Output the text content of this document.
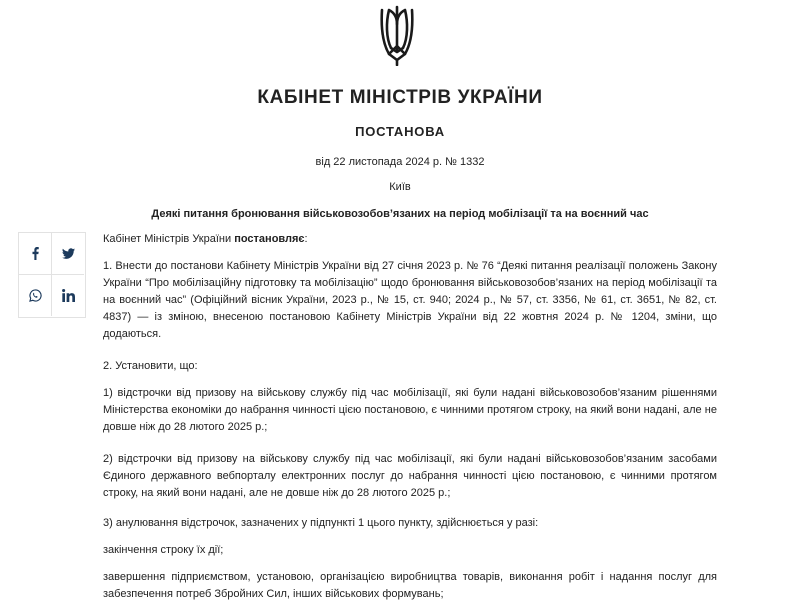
КАБІНЕТ МІНІСТРІВ УКРАЇНИ
ПОСТАНОВА
від 22 листопада 2024 р. № 1332
Київ
Деякі питання бронювання військовозобов’язаних на період мобілізації та на воєнний час
Кабінет Міністрів України постановляє:
1. Внести до постанови Кабінету Міністрів України від 27 січня 2023 р. № 76 “Деякі питання реалізації положень Закону України “Про мобілізаційну підготовку та мобілізацію” щодо бронювання військовозобов’язаних на період мобілізації та на воєнний час” (Офіційний вісник України, 2023 р., № 15, ст. 940; 2024 р., № 57, ст. 3356, № 61, ст. 3651, № 82, ст. 4837) — із зміною, внесеною постановою Кабінету Міністрів України від 22 жовтня 2024 р. № 1204, зміни, що додаються.
2. Установити, що:
1) відстрочки від призову на військову службу під час мобілізації, які були надані військовозобов’язаним рішеннями Міністерства економіки до набрання чинності цією постановою, є чинними протягом строку, на який вони надані, але не довше ніж до 28 лютого 2025 р.;
2) відстрочки від призову на військову службу під час мобілізації, які були надані військовозобов’язаним засобами Єдиного державного вебпорталу електронних послуг до набрання чинності цією постановою, є чинними протягом строку, на який вони надані, але не довше ніж до 28 лютого 2025 р.;
3) анулювання відстрочок, зазначених у підпункті 1 цього пункту, здійснюється у разі:
закінчення строку їх дії;
завершення підприємством, установою, організацією виробництва товарів, виконання робіт і надання послуг для забезпечення потреб Збройних Сил, інших військових формувань;
